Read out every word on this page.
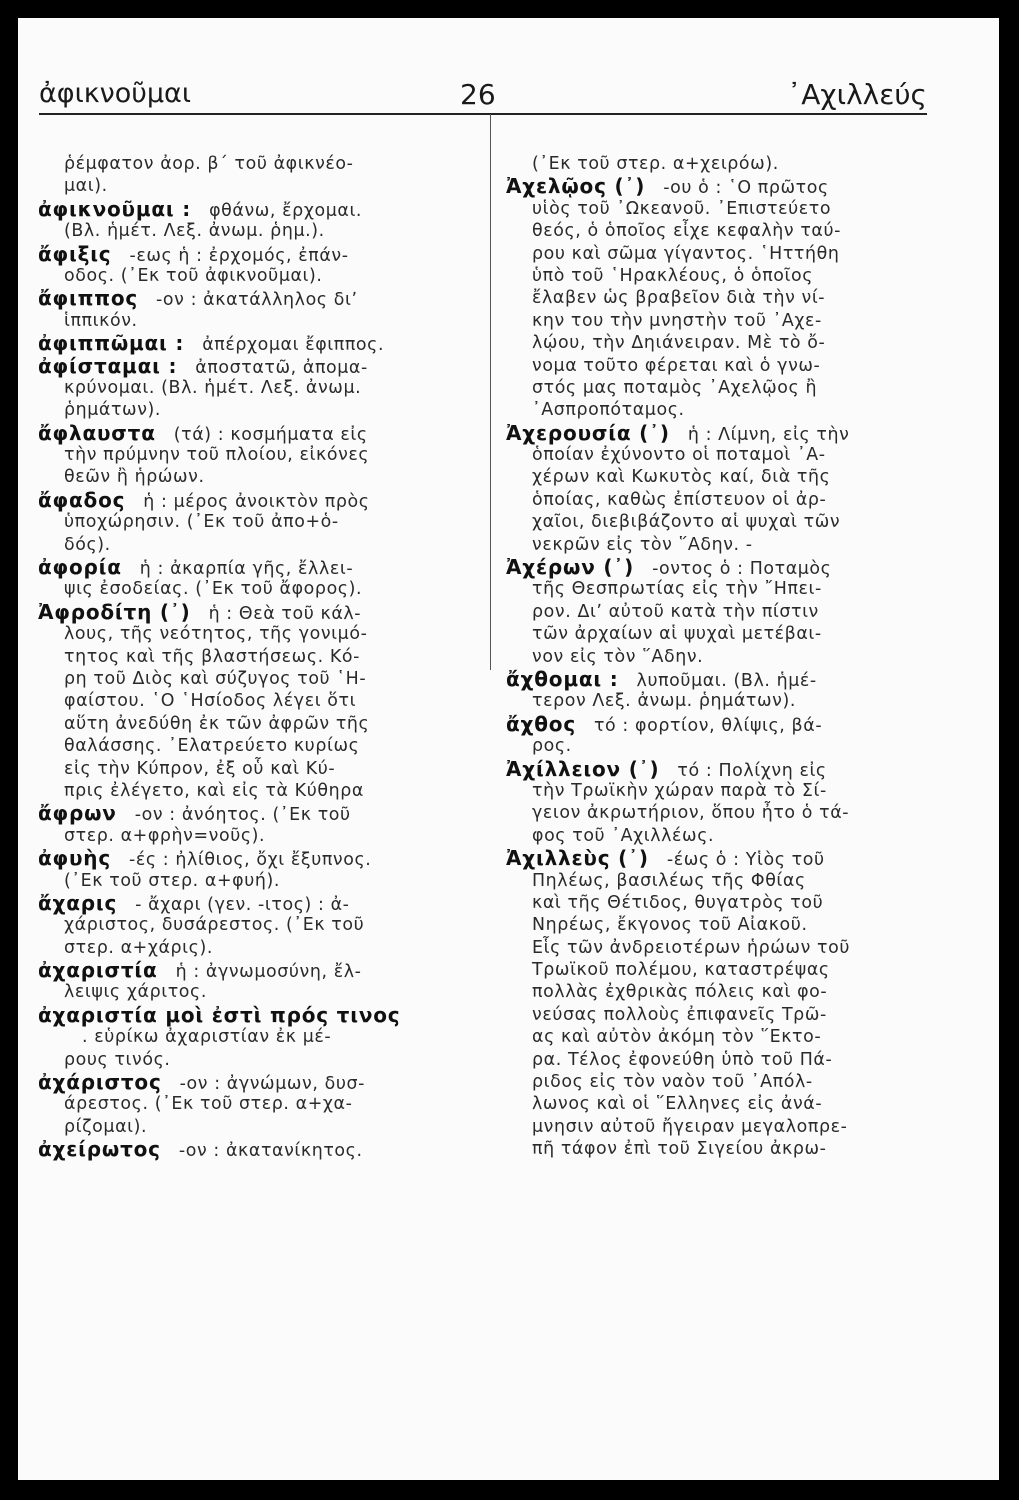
ἀφικνοῦμαι	26	᾿Αχιλλεύς
ῥέμφατον ἀορ. β΄ τοῦ ἀφικνέο-
μαι).
ἀφικνοῦμαι : φθάνω, ἔρχομαι.
(Βλ. ἡμέτ. Λεξ. ἀνωμ. ῥημ.).
ἄφιξις -εως ἡ : ἐρχομός, ἐπάν-
οδος. (᾿Εκ τοῦ ἀφικνοῦμαι).
ἄφιππος -ον : ἀκατάλληλος διʼ
ἱππικόν.
ἀφιππῶμαι : ἀπέρχομαι ἔφιππος.
ἀφίσταμαι : ἀποστατῶ, ἀπομα-
κρύνομαι. (Βλ. ἡμέτ. Λεξ. ἀνωμ.
ῥημάτων).
ἄφλαυστα (τά) : κοσμήματα εἰς
τὴν πρύμνην τοῦ πλοίου, εἰκόνες
θεῶν ἢ ἡρώων.
ἄφαδος ἡ : μέρος ἀνοικτὸν πρὸς
ὑποχώρησιν. (᾿Εκ τοῦ ἀπο+ὁ-
δός).
ἀφορία ἡ : ἀκαρπία γῆς, ἔλλει-
ψις ἐσοδείας. (᾿Εκ τοῦ ἄφορος).
Ἀφροδίτη (᾿) ἡ : Θεὰ τοῦ κάλ-
λους, τῆς νεότητος, τῆς γονιμό-
τητος καὶ τῆς βλαστήσεως. Κό-
ρη τοῦ Διὸς καὶ σύζυγος τοῦ ῾Η-
φαίστου. ῾Ο ῾Ησίοδος λέγει ὅτι
αὕτη ἀνεδύθη ἐκ τῶν ἀφρῶν τῆς
θαλάσσης. ᾿Ελατρεύετο κυρίως
εἰς τὴν Κύπρον, ἐξ οὗ καὶ Κύ-
πρις ἐλέγετο, καὶ εἰς τὰ Κύθηρα
ἄφρων -ον : ἀνόητος. (᾿Εκ τοῦ
στερ. α+φρὴν=νοῦς).
ἀφυὴς -ές : ἠλίθιος, ὄχι ἔξυπνος.
(᾿Εκ τοῦ στερ. α+φυή).
ἄχαρις - ἄχαρι (γεν. -ιτος) : ἀ-
χάριστος, δυσάρεστος. (᾿Εκ τοῦ
στερ. α+χάρις).
ἀχαριστία ἡ : ἀγνωμοσύνη, ἔλ-
λειψις χάριτος.
ἀχαριστία μοὶ ἐστὶ πρός τινος
. εὑρίκω ἀχαριστίαν ἐκ μέ-
ρους τινός.
ἀχάριστος -ον : ἀγνώμων, δυσ-
άρεστος. (᾿Εκ τοῦ στερ. α+χα-
ρίζομαι).
ἀχείρωτος -ον : ἀκατανίκητος.
(᾿Εκ τοῦ στερ. α+χειρόω).
Ἀχελῷος (᾿) -ου ὁ : ῾Ο πρῶτος
υἱὸς τοῦ ᾿Ωκεανοῦ. ᾿Επιστεύετο
θεός, ὁ ὁποῖος εἶχε κεφαλὴν ταύ-
ρου καὶ σῶμα γίγαντος. ῾Ηττήθη
ὑπὸ τοῦ ῾Ηρακλέους, ὁ ὁποῖος
ἔλαβεν ὡς βραβεῖον διὰ τὴν νί-
κην του τὴν μνηστὴν τοῦ ᾿Αχε-
λῴου, τὴν Δηιάνειραν. Μὲ τὸ ὄ-
νομα τοῦτο φέρεται καὶ ὁ γνω-
στός μας ποταμὸς ᾿Αχελῷος ἢ
᾿Ασπροπόταμος.
Ἀχερουσία (᾿) ἡ : Λίμνη, εἰς τὴν
ὁποίαν ἐχύνοντο οἱ ποταμοὶ ᾿Α-
χέρων καὶ Κωκυτὸς καί, διὰ τῆς
ὁποίας, καθὼς ἐπίστευον οἱ ἀρ-
χαῖοι, διεβιβάζοντο αἱ ψυχαὶ τῶν
νεκρῶν εἰς τὸν ῞Αδην. -
Ἀχέρων (᾿) -οντος ὁ : Ποταμὸς
τῆς Θεσπρωτίας εἰς τὴν ῎Ηπει-
ρον. Διʼ αὐτοῦ κατὰ τὴν πίστιν
τῶν ἀρχαίων αἱ ψυχαὶ μετέβαι-
νον εἰς τὸν ῞Αδην.
ἄχθομαι : λυποῦμαι. (Βλ. ἡμέ-
τερον Λεξ. ἀνωμ. ῥημάτων).
ἄχθος τό : φορτίον, θλίψις, βά-
ρος.
Ἀχίλλειον (᾿) τό : Πολίχνη εἰς
τὴν Τρωϊκὴν χώραν παρὰ τὸ Σί-
γειον ἀκρωτήριον, ὅπου ἦτο ὁ τά-
φος τοῦ ᾿Αχιλλέως.
Ἀχιλλεὺς (᾿) -έως ὁ : Υἱὸς τοῦ
Πηλέως, βασιλέως τῆς Φθίας
καὶ τῆς Θέτιδος, θυγατρὸς τοῦ
Νηρέως, ἔκγονος τοῦ Αἰακοῦ.
Εἷς τῶν ἀνδρειοτέρων ἡρώων τοῦ
Τρωϊκοῦ πολέμου, καταστρέψας
πολλὰς ἐχθρικὰς πόλεις καὶ φο-
νεύσας πολλοὺς ἐπιφανεῖς Τρῶ-
ας καὶ αὐτὸν ἀκόμη τὸν ῞Εκτο-
ρα. Τέλος ἐφονεύθη ὑπὸ τοῦ Πά-
ριδος εἰς τὸν ναὸν τοῦ ᾿Απόλ-
λωνος καὶ οἱ ῞Ελληνες εἰς ἀνά-
μνησιν αὐτοῦ ἤγειραν μεγαλοπρε-
πῆ τάφον ἐπὶ τοῦ Σιγείου ἀκρω-
